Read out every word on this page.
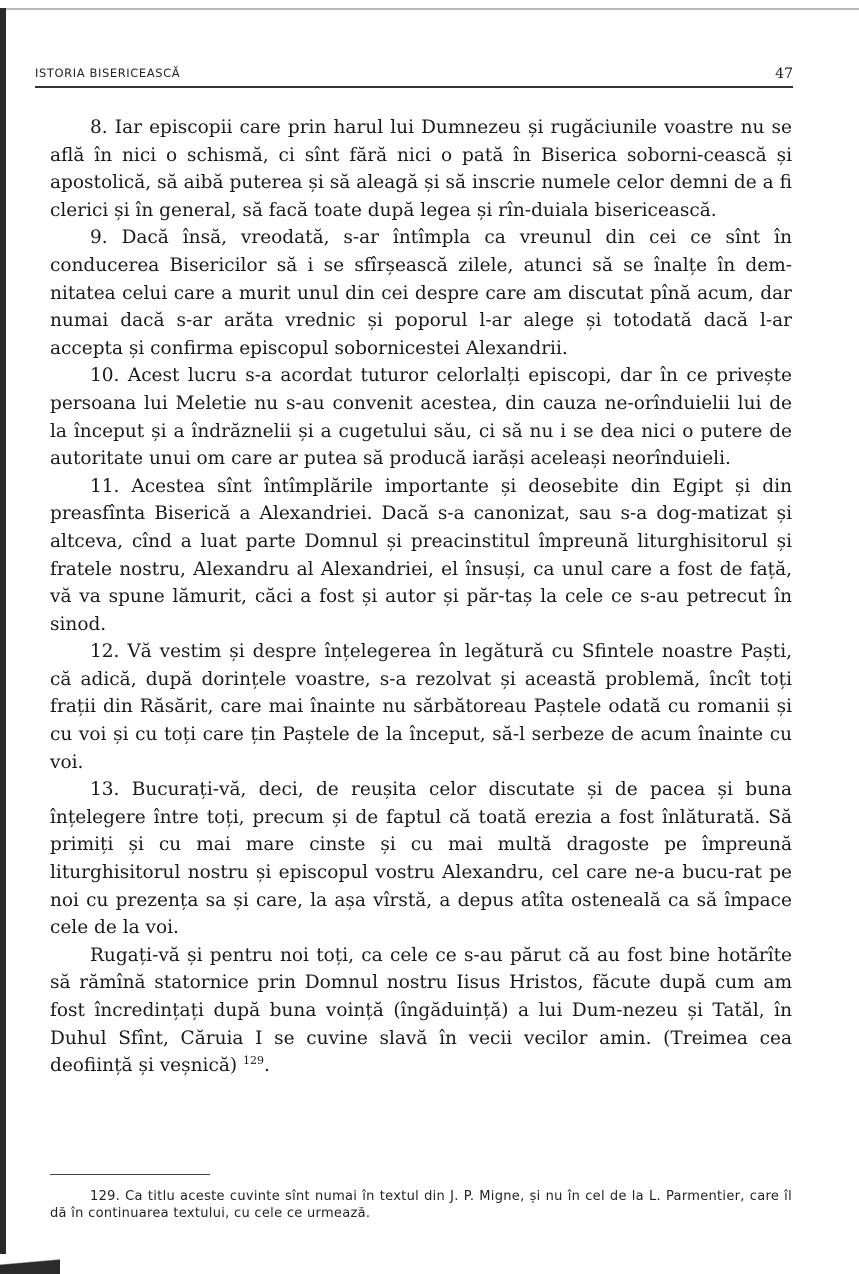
ISTORIA BISERICEASCĂ	47

8. Iar episcopii care prin harul lui Dumnezeu și rugăciunile voastre nu se află în nici o schismă, ci sînt fără nici o pată în Biserica soborni-cească și apostolică, să aibă puterea și să aleagă și să inscrie numele celor demni de a fi clerici și în general, să facă toate după legea și rîn-duiala bisericească.

9. Dacă însă, vreodată, s-ar întîmpla ca vreunul din cei ce sînt în conducerea Bisericilor să i se sfîrșească zilele, atunci să se înalțe în dem-nitatea celui care a murit unul din cei despre care am discutat pînă acum, dar numai dacă s-ar arăta vrednic și poporul l-ar alege și totodată dacă l-ar accepta și confirma episcopul sobornicestei Alexandrii.

10. Acest lucru s-a acordat tuturor celorlalți episcopi, dar în ce privește persoana lui Meletie nu s-au convenit acestea, din cauza ne-orînduielii lui de la început și a îndrăznelii și a cugetului său, ci să nu i se dea nici o putere de autoritate unui om care ar putea să producă iarăși aceleași neorînduieli.

11. Acestea sînt întîmplările importante și deosebite din Egipt și din preasfînta Biserică a Alexandriei. Dacă s-a canonizat, sau s-a dog-matizat și altceva, cînd a luat parte Domnul și preacinstitul împreună liturghisitorul și fratele nostru, Alexandru al Alexandriei, el însuși, ca unul care a fost de față, vă va spune lămurit, căci a fost și autor și păr-taș la cele ce s-au petrecut în sinod.

12. Vă vestim și despre înțelegerea în legătură cu Sfintele noastre Paști, că adică, după dorințele voastre, s-a rezolvat și această problemă, încît toți frații din Răsărit, care mai înainte nu sărbătoreau Paștele odată cu romanii și cu voi și cu toți care țin Paștele de la început, să-l serbeze de acum înainte cu voi.

13. Bucurați-vă, deci, de reușita celor discutate și de pacea și buna înțelegere între toți, precum și de faptul că toată erezia a fost înlăturată. Să primiți și cu mai mare cinste și cu mai multă dragoste pe împreună liturghisitorul nostru și episcopul vostru Alexandru, cel care ne-a bucu-rat pe noi cu prezența sa și care, la așa vîrstă, a depus atîta osteneală ca să împace cele de la voi.

Rugați-vă și pentru noi toți, ca cele ce s-au părut că au fost bine hotărîte să rămînă statornice prin Domnul nostru Iisus Hristos, făcute după cum am fost încredințați după buna voință (îngăduință) a lui Dum-nezeu și Tatăl, în Duhul Sfînt, Căruia I se cuvine slavă în vecii vecilor amin. (Treimea cea deoființă și veșnică) $^{129}$.

129. Ca titlu aceste cuvinte sînt numai în textul din J. P. Migne, și nu în cel de la L. Parmentier, care îl dă în continuarea textului, cu cele ce urmează.
